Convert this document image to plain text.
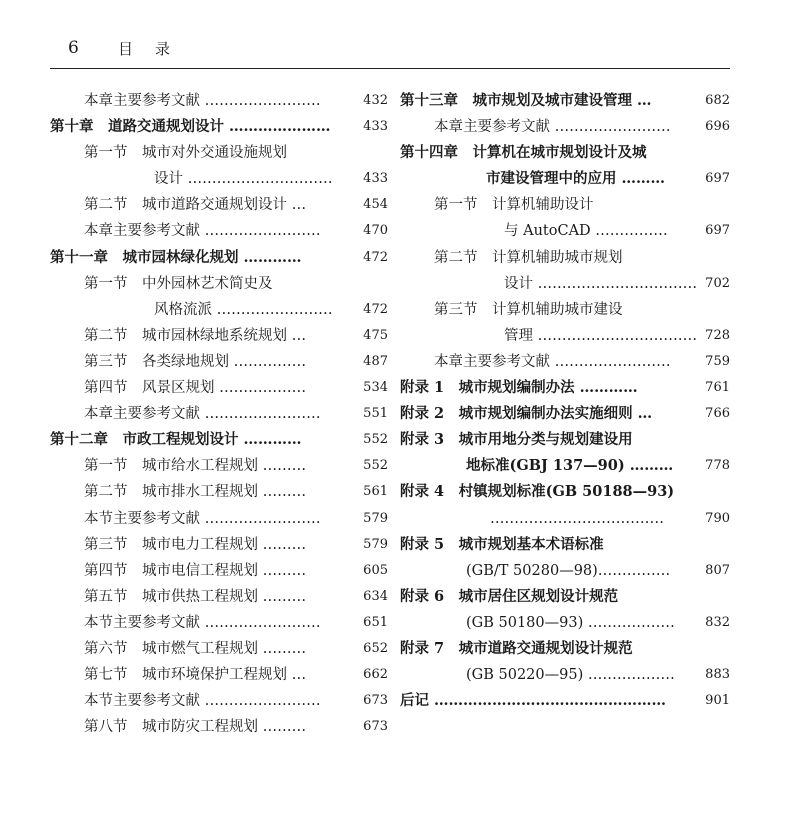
6	目录
本章主要参考文献 ……………………	432
第十章　道路交通规划设计 …………………	433
第一节　城市对外交通设施规划
设计 ………………………… 433
第二节　城市道路交通规划设计 …	454
本章主要参考文献 ……………………	470
第十一章　城市园林绿化规划 …………	472
第一节　中外园林艺术简史及
风格流派 …………………… 472
第二节　城市园林绿地系统规划 …	475
第三节　各类绿地规划 ……………	487
第四节　风景区规划 ………………	534
本章主要参考文献 ……………………	551
第十二章　市政工程规划设计 …………	552
第一节　城市给水工程规划 ………	552
第二节　城市排水工程规划 ………	561
本节主要参考文献 ……………………	579
第三节　城市电力工程规划 ………	579
第四节　城市电信工程规划 ………	605
第五节　城市供热工程规划 ………	634
本节主要参考文献 ……………………	651
第六节　城市燃气工程规划 ………	652
第七节　城市环境保护工程规划 …	662
本节主要参考文献 ……………………	673
第八节　城市防灾工程规划 ………	673
第十三章　城市规划及城市建设管理 …	682
本章主要参考文献 ……………………	696
第十四章　计算机在城市规划设计及城
市建设管理中的应用 ………	697
第一节　计算机辅助设计
与 AutoCAD ……………	697
第二节　计算机辅助城市规划
设计 …………………………… 702
第三节　计算机辅助城市建设
管理 …………………………… 728
本章主要参考文献 ……………………	759
附录 1　城市规划编制办法 …………	761
附录 2　城市规划编制办法实施细则 …	766
附录 3　城市用地分类与规划建设用
地标准(GBJ 137—90) ……… 778
附录 4　村镇规划标准(GB 50188—93)
………………………………	790
附录 5　城市规划基本术语标准
(GB/T 50280—98)……………	807
附录 6　城市居住区规划设计规范
(GB 50180—93) ……………… 832
附录 7　城市道路交通规划设计规范
(GB 50220—95) ……………… 883
后记 …………………………………………	901
